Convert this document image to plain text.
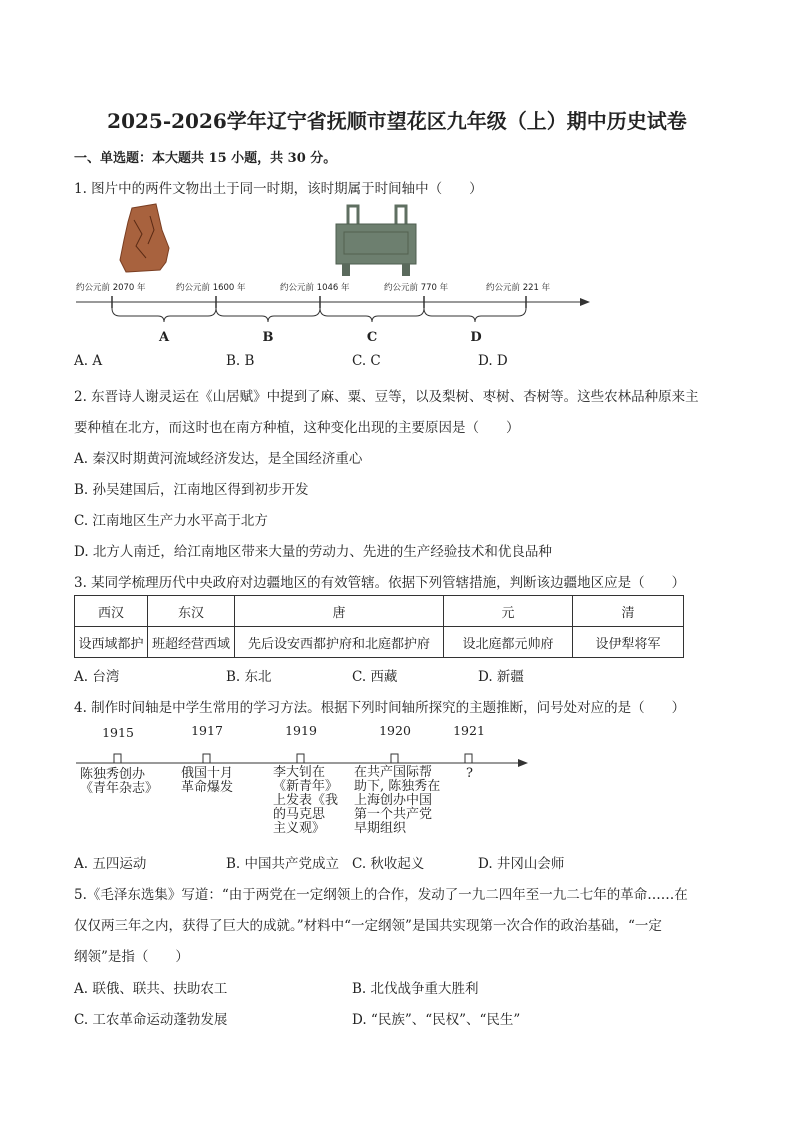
2025-2026学年辽宁省抚顺市望花区九年级（上）期中历史试卷
一、单选题：本大题共 15 小题，共 30 分。
1. 图片中的两件文物出土于同一时期，该时期属于时间轴中（　　）
约公元前 2070 年	约公元前 1600 年	约公元前 1046 年	约公元前 770 年	约公元前 221 年
A	B	C	D
A. A	B. B	C. C	D. D
2. 东晋诗人谢灵运在《山居赋》中提到了麻、粟、豆等，以及梨树、枣树、杏树等。这些农林品种原来主
要种植在北方，而这时也在南方种植，这种变化出现的主要原因是（　　）
A. 秦汉时期黄河流域经济发达，是全国经济重心
B. 孙吴建国后，江南地区得到初步开发
C. 江南地区生产力水平高于北方
D. 北方人南迁，给江南地区带来大量的劳动力、先进的生产经验技术和优良品种
3. 某同学梳理历代中央政府对边疆地区的有效管辖。依据下列管辖措施，判断该边疆地区应是（　　）
西汉	东汉	唐	元	清
设西域都护	班超经营西域	先后设安西都护府和北庭都护府	设北庭都元帅府	设伊犁将军
A. 台湾	B. 东北	C. 西藏	D. 新疆
4. 制作时间轴是中学生常用的学习方法。根据下列时间轴所探究的主题推断，问号处对应的是（　　）
1915	1917	1919	1920	1921
陈独秀创办
《青年杂志》
俄国十月
革命爆发
李大钊在
《新青年》
上发表《我
的马克思
主义观》
在共产国际帮
助下, 陈独秀在
上海创办中国
第一个共产党
早期组织
?
A. 五四运动	B. 中国共产党成立 C. 秋收起义	D. 井冈山会师
5.《毛泽东选集》写道：“由于两党在一定纲领上的合作，发动了一九二四年至一九二七年的革命……在
仅仅两三年之内，获得了巨大的成就。”材料中“一定纲领”是国共实现第一次合作的政治基础，“一定
纲领”是指（　　）
A. 联俄、联共、扶助农工	B. 北伐战争重大胜利
C. 工农革命运动蓬勃发展	D. “民族”、“民权”、“民生”
